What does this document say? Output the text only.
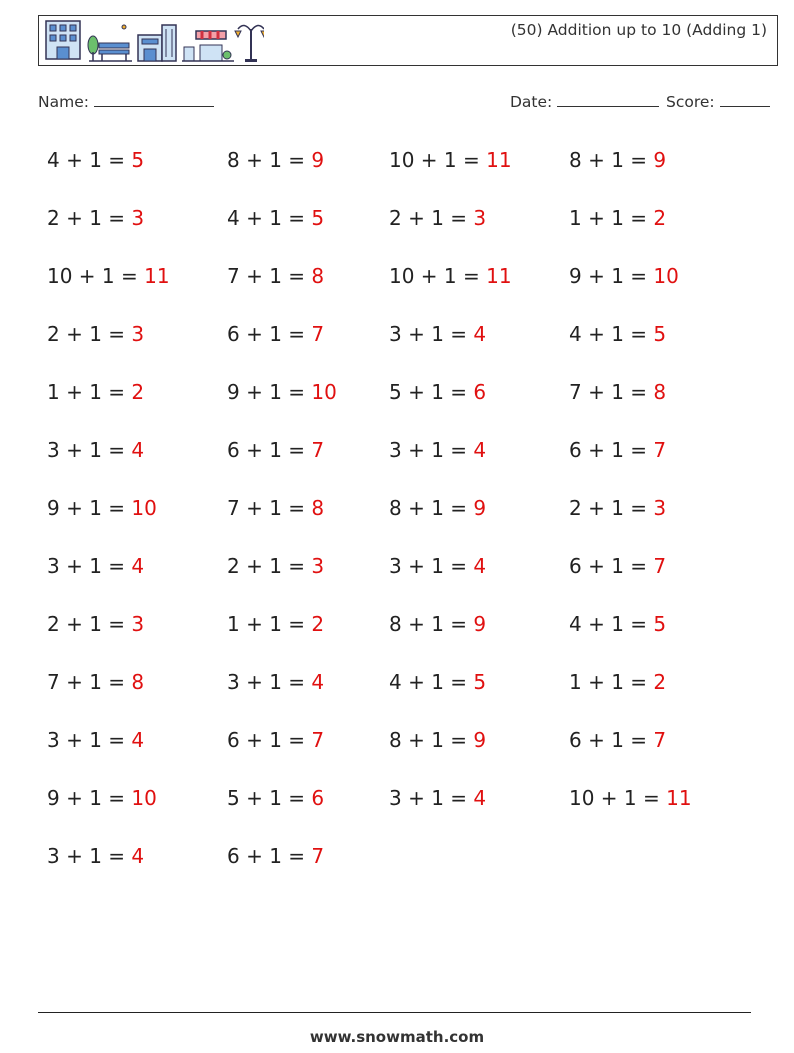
(50) Addition up to 10 (Adding 1)
Name:	Date:	Score:
4 + 1 = 5	8 + 1 = 9	10 + 1 = 11	8 + 1 = 9
2 + 1 = 3	4 + 1 = 5	2 + 1 = 3	1 + 1 = 2
10 + 1 = 11	7 + 1 = 8	10 + 1 = 11	9 + 1 = 10
2 + 1 = 3	6 + 1 = 7	3 + 1 = 4	4 + 1 = 5
1 + 1 = 2	9 + 1 = 10	5 + 1 = 6	7 + 1 = 8
3 + 1 = 4	6 + 1 = 7	3 + 1 = 4	6 + 1 = 7
9 + 1 = 10	7 + 1 = 8	8 + 1 = 9	2 + 1 = 3
3 + 1 = 4	2 + 1 = 3	3 + 1 = 4	6 + 1 = 7
2 + 1 = 3	1 + 1 = 2	8 + 1 = 9	4 + 1 = 5
7 + 1 = 8	3 + 1 = 4	4 + 1 = 5	1 + 1 = 2
3 + 1 = 4	6 + 1 = 7	8 + 1 = 9	6 + 1 = 7
9 + 1 = 10	5 + 1 = 6	3 + 1 = 4	10 + 1 = 11
3 + 1 = 4	6 + 1 = 7
www.snowmath.com
